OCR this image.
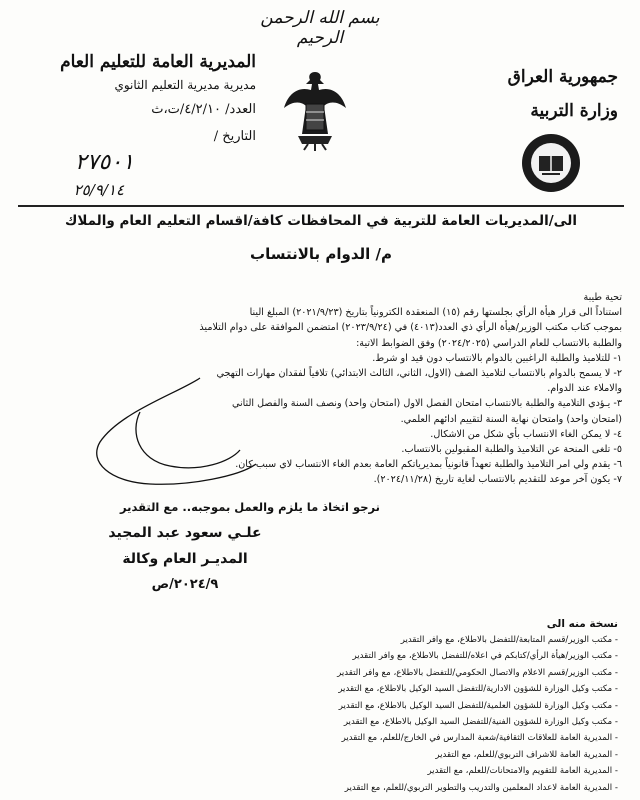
بسم الله الرحمن الرحيم
جمهورية العراق
وزارة التربية
المديرية العامة للتعليم العام
مديرية مديرية التعليم الثانوي
العدد/ ٤/٢/١٠/ت،ث
التاريخ /
٢٧٥٠١
٢٥/٩/١٤
الى/المديريات العامة للتربية في المحافظات كافة/اقسام التعليم العام والملاك
م/ الدوام بالانتساب

تحية طيبة

استناداً الى قرار هيأة الرأي بجلستها رقم (١٥) المنعقدة الكترونياً بتاريخ (٢٠٢١/٩/٢٣) المبلغ الينا

بموجب كتاب مكتب الوزير/هيأة الرأي ذي العدد(٤٠١٣) في (٢٠٢٣/٩/٢٤) امتضمن الموافقة على دوام التلاميذ

والطلبة بالانتساب للعام الدراسي (٢٠٢٤/٢٠٢٥) وفق الضوابط الاتية:

١- للتلاميذ والطلبة الراغبين بالدوام بالانتساب دون قيد او شرط.

٢- لا يسمح بالدوام بالانتساب لتلاميذ الصف (الاول، الثاني، الثالث الابتدائي) تلافياً لفقدان مهارات التهجي

والاملاء عند الدوام.

٣- يـؤدي التلامية والطلبة بالانتساب امتحان الفصل الاول (امتحان واحد) ونصف السنة والفصل الثاني

(امتحان واحد) وامتحان نهاية السنة لتقييم ادائهم العلمي.

٤- لا يمكن الغاء الانتساب بأي شكل من الاشكال.

٥- تلغى المنحة عن التلاميذ والطلبة المقبولين بالانتساب.

٦- يقدم ولي امر التلاميذ والطلبة تعهداً قانونياً بمديرياتكم العامة بعدم الغاء الانتساب لاي سبب كان.

٧- يكون آخر موعد للتقديم بالانتساب لغاية تاريخ (٢٠٢٤/١١/٢٨).

نرجو اتخاذ ما يلزم والعمل بموجبه.. مع التقدير
علـي سعود عبد المجيد
المديـر العام وكالة
٢٠٢٤/٩/ص
نسخة منه الى
- مكتب الوزير/قسم المتابعة/للتفضل بالاطلاع، مع وافر التقدير
- مكتب الوزير/هيأة الرأي/كتابكم في اعلاه/للتفضل بالاطلاع، مع وافر التقدير
- مكتب الوزير/قسم الاعلام والاتصال الحكومي/للتفضل بالاطلاع، مع وافر التقدير
- مكتب وكيل الوزارة للشؤون الادارية/للتفضل السيد الوكيل بالاطلاع، مع التقدير
- مكتب وكيل الوزارة للشؤون العلمية/للتفضل السيد الوكيل بالاطلاع، مع التقدير
- مكتب وكيل الوزارة للشؤون الفنية/للتفضل السيد الوكيل بالاطلاع، مع التقدير
- المديرية العامة للعلاقات الثقافية/شعبة المدارس في الخارج/للعلم، مع التقدير
- المديرية العامة للاشراف التربوي/للعلم، مع التقدير
- المديرية العامة للتقويم والامتحانات/للعلم، مع التقدير
- المديرية العامة لاعداد المعلمين والتدريب والتطوير التربوي/للعلم، مع التقدير
